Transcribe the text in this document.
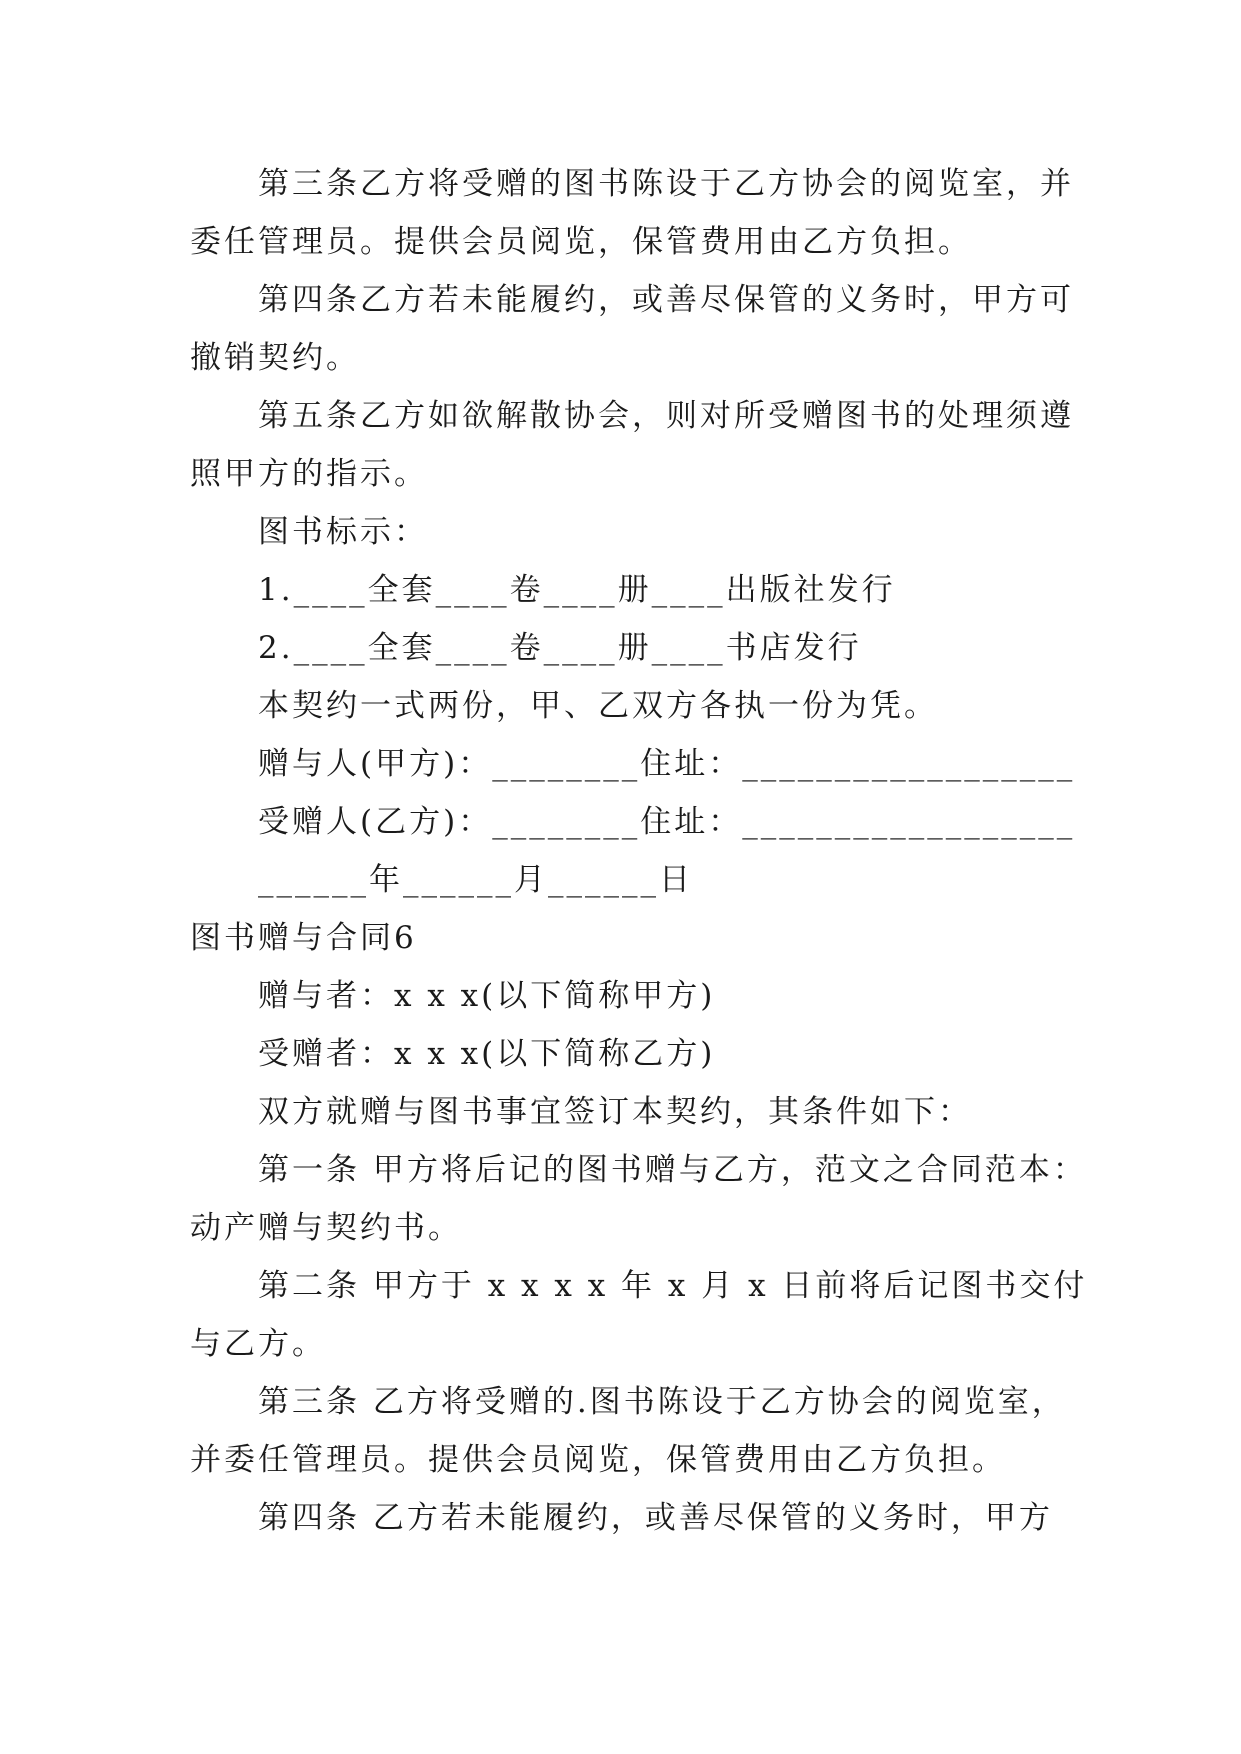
第三条乙方将受赠的图书陈设于乙方协会的阅览室，并
委任管理员。提供会员阅览，保管费用由乙方负担。
第四条乙方若未能履约，或善尽保管的义务时，甲方可
撤销契约。
第五条乙方如欲解散协会，则对所受赠图书的处理须遵
照甲方的指示。
图书标示：
1.____全套____卷____册____出版社发行
2.____全套____卷____册____书店发行
本契约一式两份，甲、乙双方各执一份为凭。
赠与人(甲方)：________住址：__________________
受赠人(乙方)：________住址：__________________
______年______月______日
图书赠与合同6
赠与者：x x x(以下简称甲方)
受赠者：x x x(以下简称乙方)
双方就赠与图书事宜签订本契约，其条件如下：
第一条 甲方将后记的图书赠与乙方，范文之合同范本：
动产赠与契约书。
第二条 甲方于 x x x x 年 x 月 x 日前将后记图书交付
与乙方。
第三条 乙方将受赠的.图书陈设于乙方协会的阅览室，
并委任管理员。提供会员阅览，保管费用由乙方负担。
第四条 乙方若未能履约，或善尽保管的义务时，甲方
